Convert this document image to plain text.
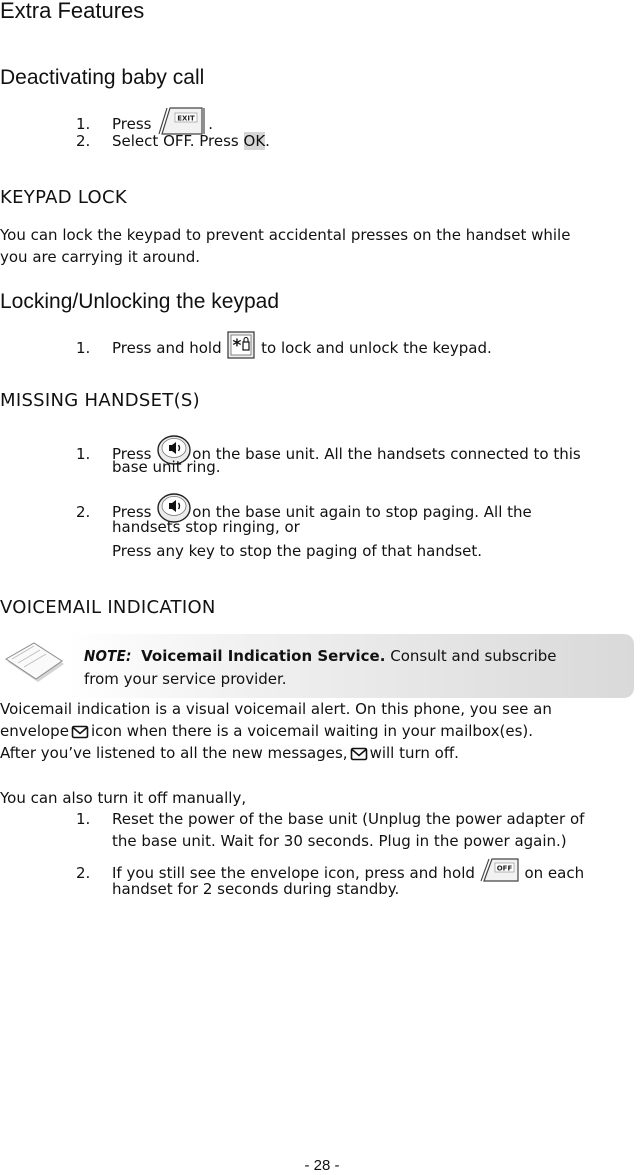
Extra Features
Deactivating baby call
1. Press	EXIT .
2. Select OFF. Press OK.
KEYPAD LOCK
You can lock the keypad to prevent accidental presses on the handset while
you are carrying it around.
Locking/Unlocking the keypad
1. Press and hold * to lock and unlock the keypad.
MISSING HANDSET(S)
1. Press	on the base unit. All the handsets connected to this
base unit ring.
2. Press	on the base unit again to stop paging. All the
handsets stop ringing, or
Press any key to stop the paging of that handset.
VOICEMAIL INDICATION
NOTE: Voicemail Indication Service. Consult and subscribe
from your service provider.
Voicemail indication is a visual voicemail alert. On this phone, you see an
envelope icon when there is a voicemail waiting in your mailbox(es).
After you’ve listened to all the new messages, will turn off.
You can also turn it off manually,
1. Reset the power of the base unit (Unplug the power adapter of
the base unit. Wait for 30 seconds. Plug in the power again.)
2. If you still see the envelope icon, press and hold	OFF on each
handset for 2 seconds during standby.
- 28 -
